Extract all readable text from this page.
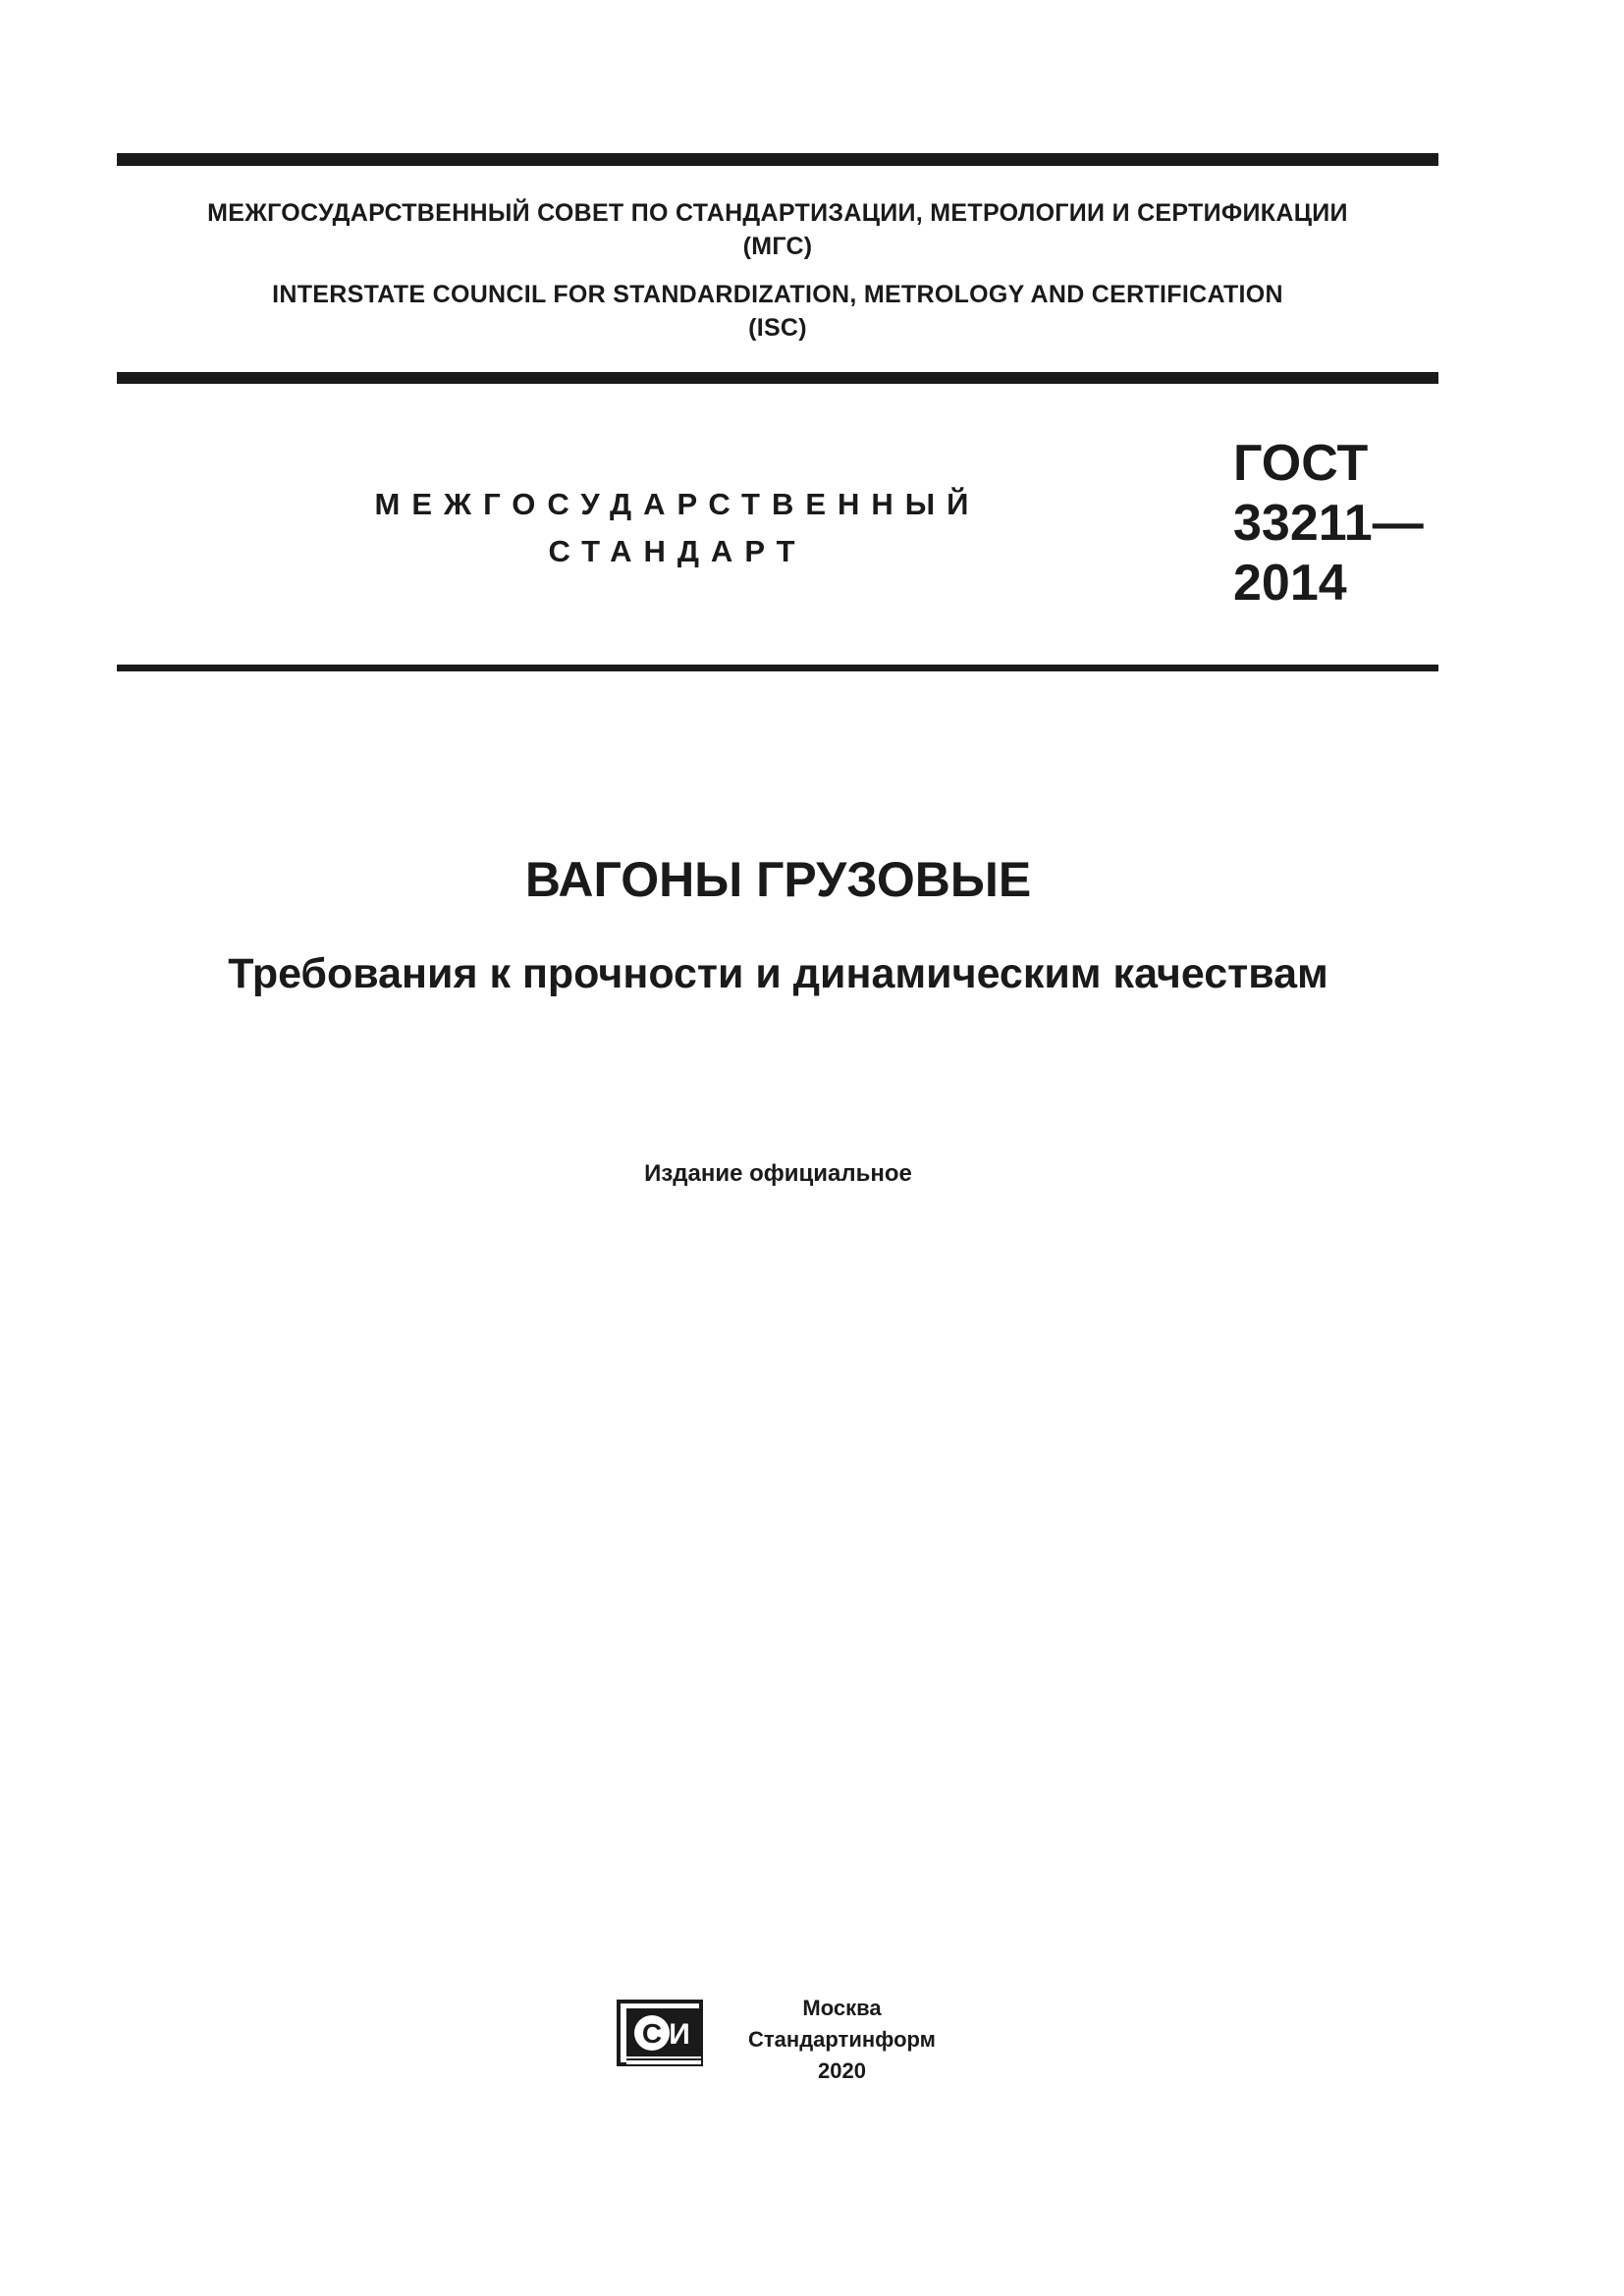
МЕЖГОСУДАРСТВЕННЫЙ СОВЕТ ПО СТАНДАРТИЗАЦИИ, МЕТРОЛОГИИ И СЕРТИФИКАЦИИ
(МГС)
INTERSTATE COUNCIL FOR STANDARDIZATION, METROLOGY AND CERTIFICATION
(ISC)
МЕЖГОСУДАРСТВЕННЫЙ
СТАНДАРТ
ГОСТ
33211—
2014
ВАГОНЫ ГРУЗОВЫЕ
Требования к прочности и динамическим качествам
Издание официальное
С И
Москва
Стандартинформ
2020
